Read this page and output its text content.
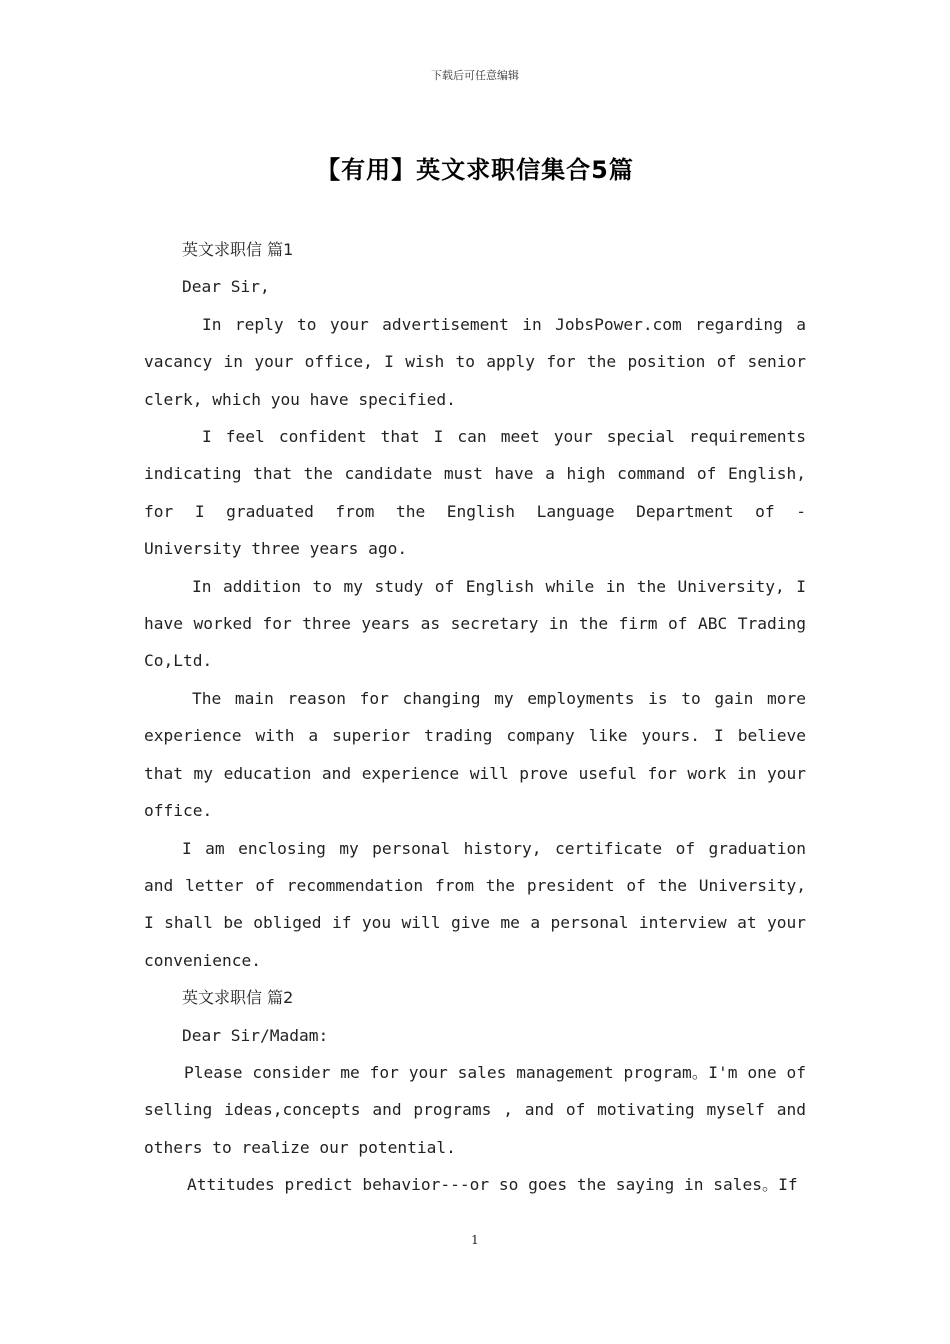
下载后可任意编辑
【有用】英文求职信集合5篇

英文求职信 篇1

Dear Sir,

In reply to your advertisement in JobsPower.com regarding a vacancy in your office, I wish to apply for the position of senior clerk, which you have specified.

I feel confident that I can meet your special requirements indicating that the candidate must have a high command of English, for I graduated from the English Language Department of - University three years ago.

In addition to my study of English while in the University, I have worked for three years as secretary in the firm of ABC Trading Co,Ltd.

The main reason for changing my employments is to gain more experience with a superior trading company like yours. I believe that my education and experience will prove useful for work in your office.

I am enclosing my personal history, certificate of graduation and letter of recommendation from the president of the University, I shall be obliged if you will give me a personal interview at your convenience.

英文求职信 篇2

Dear Sir/Madam:

Please consider me for your sales management program。I'm one of selling ideas,concepts and programs , and of motivating myself and others to realize our potential.

Attitudes predict behavior---or so goes the saying in sales。If

1
